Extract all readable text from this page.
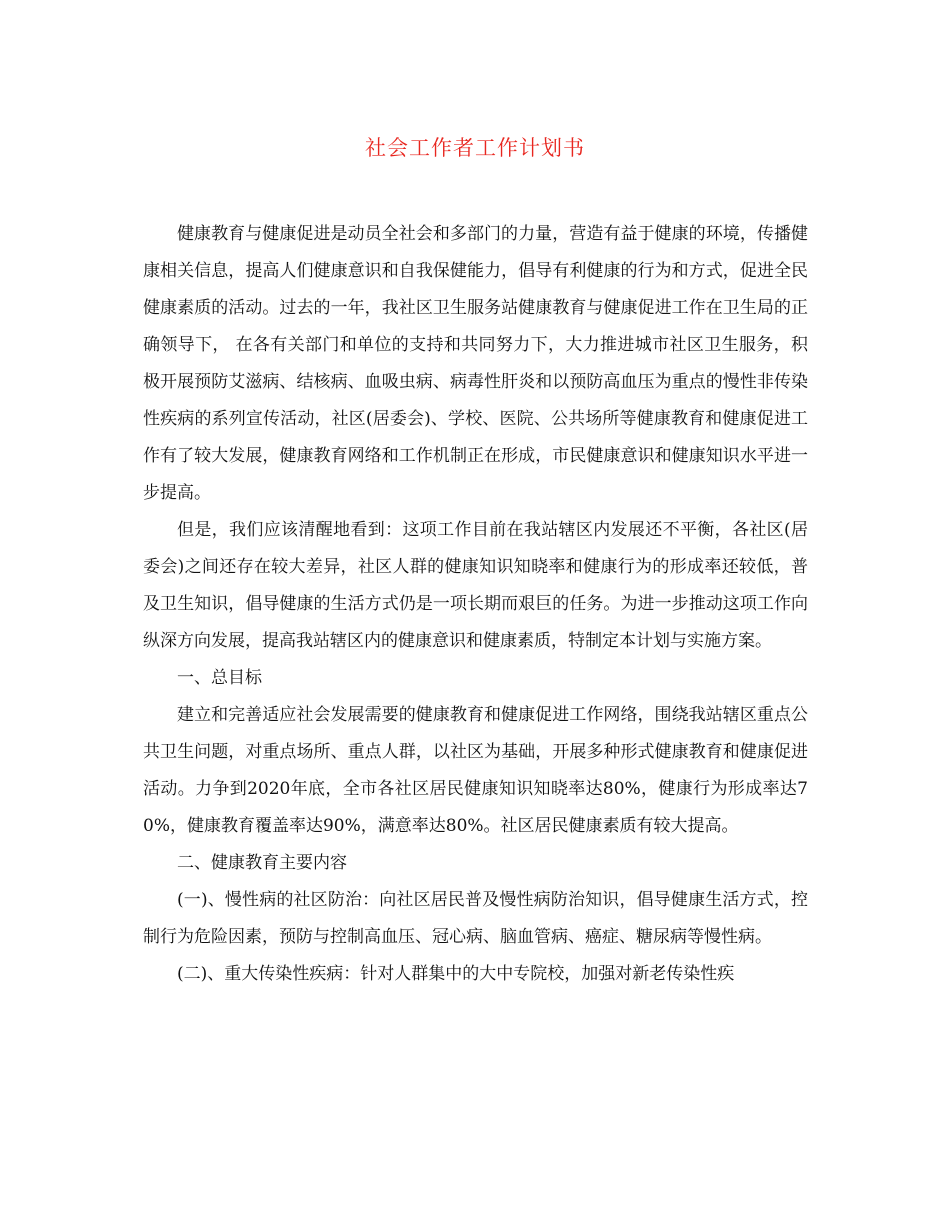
社会工作者工作计划书

健康教育与健康促进是动员全社会和多部门的力量，营造有益于健康的环境，传播健康相关信息，提高人们健康意识和自我保健能力，倡导有利健康的行为和方式，促进全民健康素质的活动。过去的一年，我社区卫生服务站健康教育与健康促进工作在卫生局的正确领导下， 在各有关部门和单位的支持和共同努力下，大力推进城市社区卫生服务，积极开展预防艾滋病、结核病、血吸虫病、病毒性肝炎和以预防高血压为重点的慢性非传染性疾病的系列宣传活动，社区(居委会)、学校、医院、公共场所等健康教育和健康促进工作有了较大发展，健康教育网络和工作机制正在形成，市民健康意识和健康知识水平进一步提高。

但是，我们应该清醒地看到：这项工作目前在我站辖区内发展还不平衡，各社区(居委会)之间还存在较大差异，社区人群的健康知识知晓率和健康行为的形成率还较低，普及卫生知识，倡导健康的生活方式仍是一项长期而艰巨的任务。为进一步推动这项工作向纵深方向发展，提高我站辖区内的健康意识和健康素质，特制定本计划与实施方案。

一、总目标

建立和完善适应社会发展需要的健康教育和健康促进工作网络，围绕我站辖区重点公共卫生问题，对重点场所、重点人群，以社区为基础，开展多种形式健康教育和健康促进活动。力争到2020年底，全市各社区居民健康知识知晓率达80%，健康行为形成率达70%，健康教育覆盖率达90%，满意率达80%。社区居民健康素质有较大提高。

二、健康教育主要内容

(一)、慢性病的社区防治：向社区居民普及慢性病防治知识，倡导健康生活方式，控制行为危险因素，预防与控制高血压、冠心病、脑血管病、癌症、糖尿病等慢性病。

(二)、重大传染性疾病：针对人群集中的大中专院校，加强对新老传染性疾
